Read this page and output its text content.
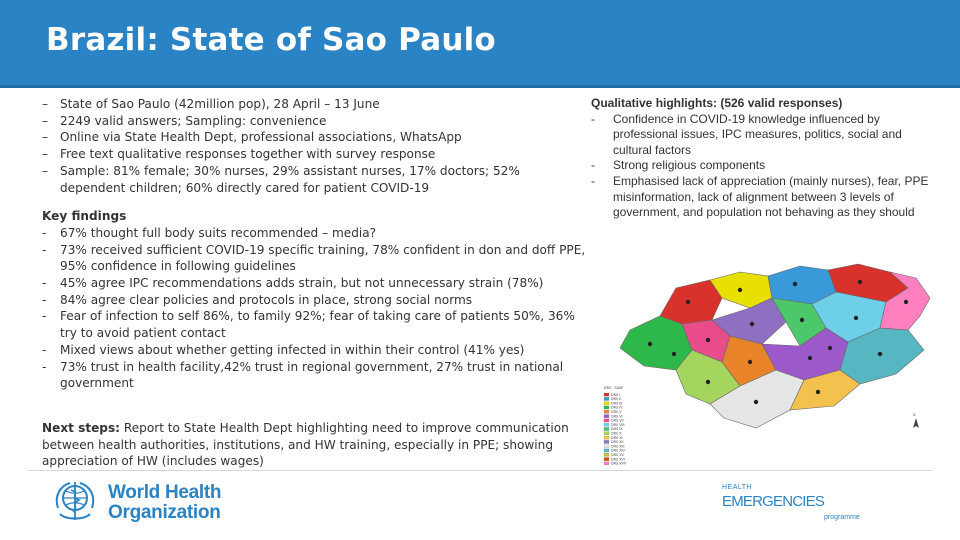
Brazil: State of Sao Paulo
– State of Sao Paulo (42million pop), 28 April – 13 June
– 2249 valid answers; Sampling: convenience
– Online via State Health Dept, professional associations, WhatsApp
– Free text qualitative responses together with survey response
– Sample: 81% female; 30% nurses, 29% assistant nurses, 17% doctors; 52% dependent children; 60% directly cared for patient COVID-19
Key findings
- 67% thought full body suits recommended – media?
- 73% received sufficient COVID-19 specific training, 78% confident in don and doff PPE, 95% confidence in following guidelines
- 45% agree IPC recommendations adds strain, but not unnecessary strain (78%)
- 84% agree clear policies and protocols in place, strong social norms
- Fear of infection to self 86%, to family 92%; fear of taking care of patients 50%, 36% try to avoid patient contact
- Mixed views about whether getting infected in within their control (41% yes)
- 73% trust in health facility,42% trust in regional government, 27% trust in national government
Next steps: Report to State Health Dept highlighting need to improve communication between health authorities, institutions, and HW training, especially in PPE; showing appreciation of HW (includes wages)
Qualitative highlights: (526 valid responses)
- Confidence in COVID-19 knowledge influenced by professional issues, IPC measures, politics, social and cultural factors
- Strong religious components
- Emphasised lack of appreciation (mainly nurses), fear, PPE misinformation, lack of alignment between 3 levels of government, and population not behaving as they should
DRS - SASP
DRS I
DRS II
DRS III
DRS IV
DRS V
DRS VI
DRS VII
DRS VIII
DRS IX
DRS X
DRS XI
DRS XII
DRS XIII
DRS XIV
DRS XV
DRS XVI
DRS XVII
N
World Health
Organization
HEALTH
EMERGENCIES
programme
